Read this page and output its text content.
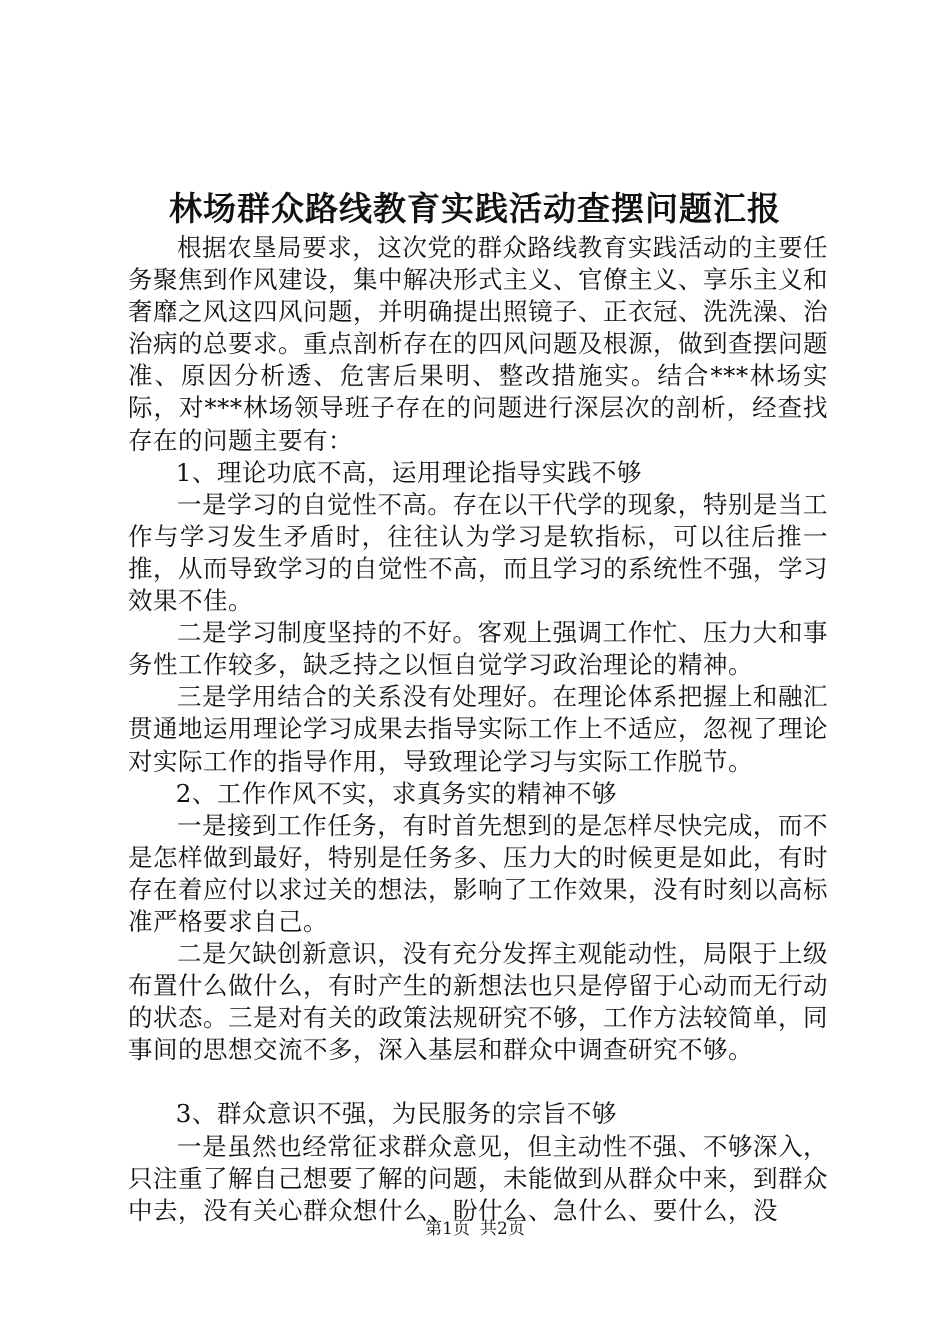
林场群众路线教育实践活动查摆问题汇报

根据农垦局要求，这次党的群众路线教育实践活动的主要任务聚焦到作风建设，集中解决形式主义、官僚主义、享乐主义和奢靡之风这四风问题，并明确提出照镜子、正衣冠、洗洗澡、治治病的总要求。重点剖析存在的四风问题及根源，做到查摆问题准、原因分析透、危害后果明、整改措施实。结合***林场实际，对***林场领导班子存在的问题进行深层次的剖析，经查找存在的问题主要有：

1、理论功底不高，运用理论指导实践不够

一是学习的自觉性不高。存在以干代学的现象，特别是当工作与学习发生矛盾时，往往认为学习是软指标，可以往后推一推，从而导致学习的自觉性不高，而且学习的系统性不强，学习效果不佳。

二是学习制度坚持的不好。客观上强调工作忙、压力大和事务性工作较多，缺乏持之以恒自觉学习政治理论的精神。

三是学用结合的关系没有处理好。在理论体系把握上和融汇贯通地运用理论学习成果去指导实际工作上不适应，忽视了理论对实际工作的指导作用，导致理论学习与实际工作脱节。

2、工作作风不实，求真务实的精神不够

一是接到工作任务，有时首先想到的是怎样尽快完成，而不是怎样做到最好，特别是任务多、压力大的时候更是如此，有时存在着应付以求过关的想法，影响了工作效果，没有时刻以高标准严格要求自己。

二是欠缺创新意识，没有充分发挥主观能动性，局限于上级布置什么做什么，有时产生的新想法也只是停留于心动而无行动的状态。三是对有关的政策法规研究不够，工作方法较简单，同事间的思想交流不多，深入基层和群众中调查研究不够。

3、群众意识不强，为民服务的宗旨不够

一是虽然也经常征求群众意见，但主动性不强、不够深入，只注重了解自己想要了解的问题，未能做到从群众中来，到群众中去，没有关心群众想什么、盼什么、急什么、要什么，没

第1页 共2页
